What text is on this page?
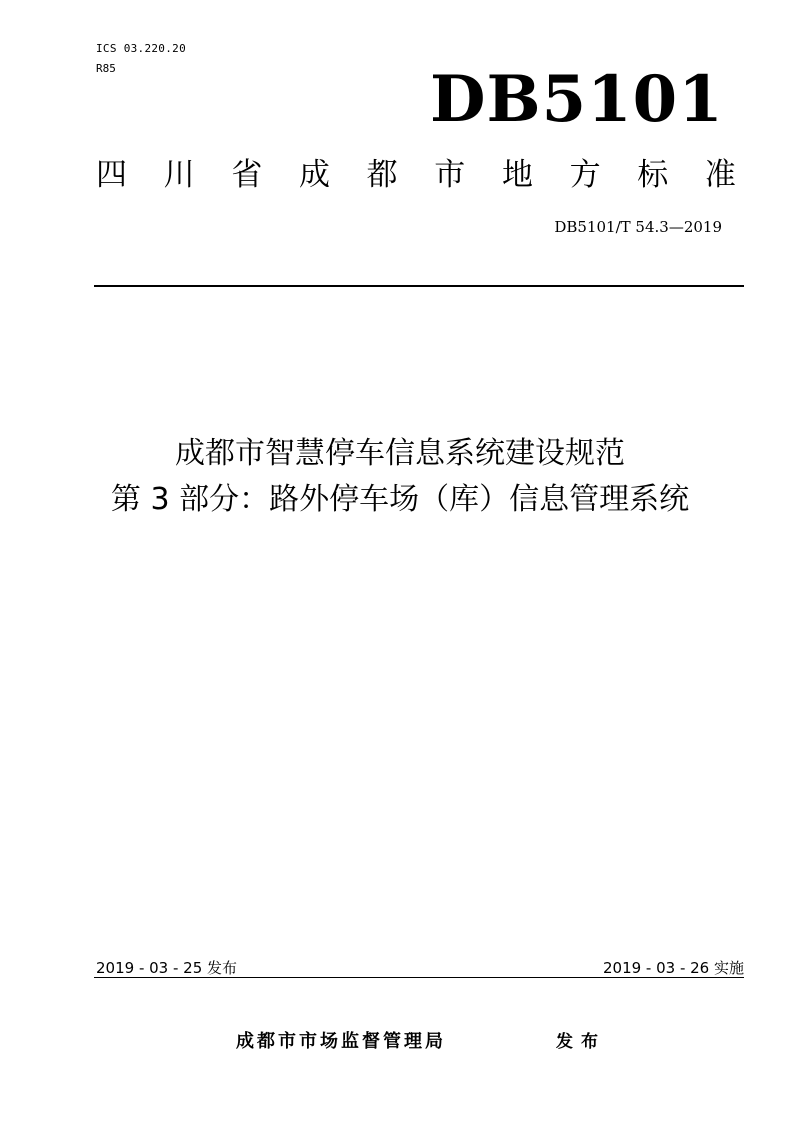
ICS 03.220.20
R85	DB5101
四 川 省 成 都 市 地 方 标 准
DB5101/T 54.3—2019
成都市智慧停车信息系统建设规范
第 3 部分：路外停车场（库）信息管理系统
2019 - 03 - 25 发布	2019 - 03 - 26 实施
成都市市场监督管理局	发布
